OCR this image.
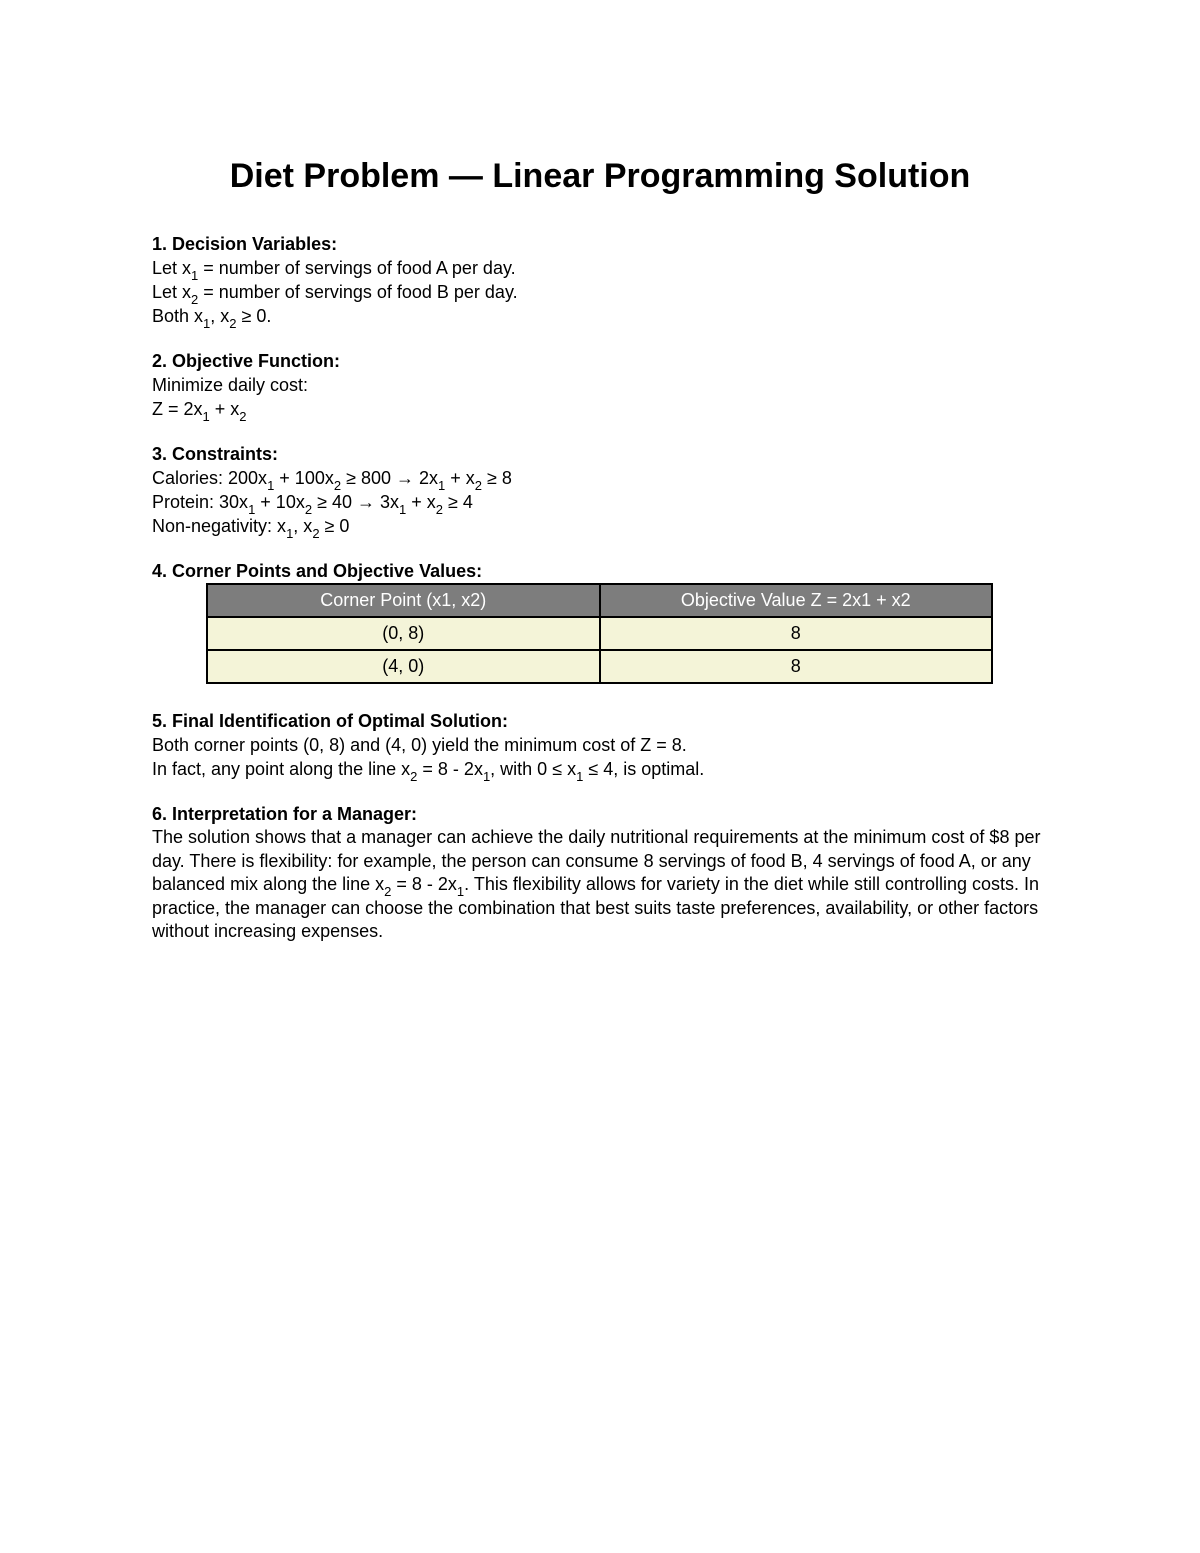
Diet Problem — Linear Programming Solution

1. Decision Variables:

Let $x_1$ = number of servings of food A per day.

Let $x_2$ = number of servings of food B per day.

Both $x_1$, $x_2 \ge 0$.

2. Objective Function:

Minimize daily cost:

$Z = 2x_1 + x_2$

3. Constraints:

Calories: $200x_1 + 100x_2 \ge 800 \to 2x_1 + x_2 \ge 8$

Protein: $30x_1 + 10x_2 \ge 40 \to 3x_1 + x_2 \ge 4$

Non-negativity: $x_1$, $x_2 \ge 0$

4. Corner Points and Objective Values:

Corner Point (x1, x2)	Objective Value Z = 2x1 + x2
(0, 8)	8
(4, 0)	8

5. Final Identification of Optimal Solution:

Both corner points (0, 8) and (4, 0) yield the minimum cost of Z = 8.

In fact, any point along the line $x_2 = 8 - 2x_1$, with $0 \le x_1 \le 4$, is optimal.

6. Interpretation for a Manager:

The solution shows that a manager can achieve the daily nutritional requirements at the minimum cost of $8 per day. There is flexibility: for example, the person can consume 8 servings of food B, 4 servings of food A, or any balanced mix along the line $x_2 = 8 - 2x_1$. This flexibility allows for variety in the diet while still controlling costs. In practice, the manager can choose the combination that best suits taste preferences, availability, or other factors without increasing expenses.
